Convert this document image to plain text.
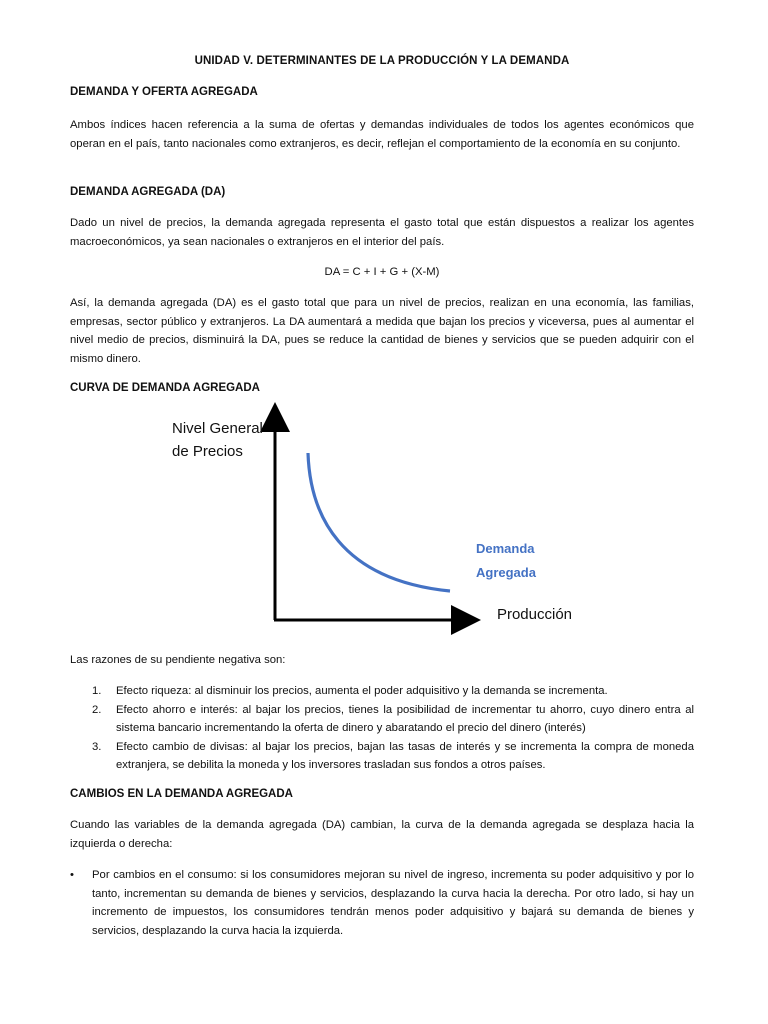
UNIDAD V. DETERMINANTES DE LA PRODUCCIÓN Y LA DEMANDA
DEMANDA Y OFERTA AGREGADA
Ambos índices hacen referencia a la suma de ofertas y demandas individuales de todos los agentes económicos que operan en el país, tanto nacionales como extranjeros, es decir, reflejan el comportamiento de la economía en su conjunto.
DEMANDA AGREGADA (DA)
Dado un nivel de precios, la demanda agregada representa el gasto total que están dispuestos a realizar los agentes macroeconómicos, ya sean nacionales o extranjeros en el interior del país.
DA = C + I + G + (X-M)
Así, la demanda agregada (DA) es el gasto total que para un nivel de precios, realizan en una economía, las familias, empresas, sector público y extranjeros. La DA aumentará a medida que bajan los precios y viceversa, pues al aumentar el nivel medio de precios, disminuirá la DA, pues se reduce la cantidad de bienes y servicios que se pueden adquirir con el mismo dinero.
CURVA DE DEMANDA AGREGADA
Nivel General
de Precios
Producción
Demanda
Agregada
Las razones de su pendiente negativa son:
1. Efecto riqueza: al disminuir los precios, aumenta el poder adquisitivo y la demanda se incrementa.
2. Efecto ahorro e interés: al bajar los precios, tienes la posibilidad de incrementar tu ahorro, cuyo dinero entra al sistema bancario incrementando la oferta de dinero y abaratando el precio del dinero (interés)
3. Efecto cambio de divisas: al bajar los precios, bajan las tasas de interés y se incrementa la compra de moneda extranjera, se debilita la moneda y los inversores trasladan sus fondos a otros países.
CAMBIOS EN LA DEMANDA AGREGADA
Cuando las variables de la demanda agregada (DA) cambian, la curva de la demanda agregada se desplaza hacia la izquierda o derecha:
• Por cambios en el consumo: si los consumidores mejoran su nivel de ingreso, incrementa su poder adquisitivo y por lo tanto, incrementan su demanda de bienes y servicios, desplazando la curva hacia la derecha. Por otro lado, si hay un incremento de impuestos, los consumidores tendrán menos poder adquisitivo y bajará su demanda de bienes y servicios, desplazando la curva hacia la izquierda.
